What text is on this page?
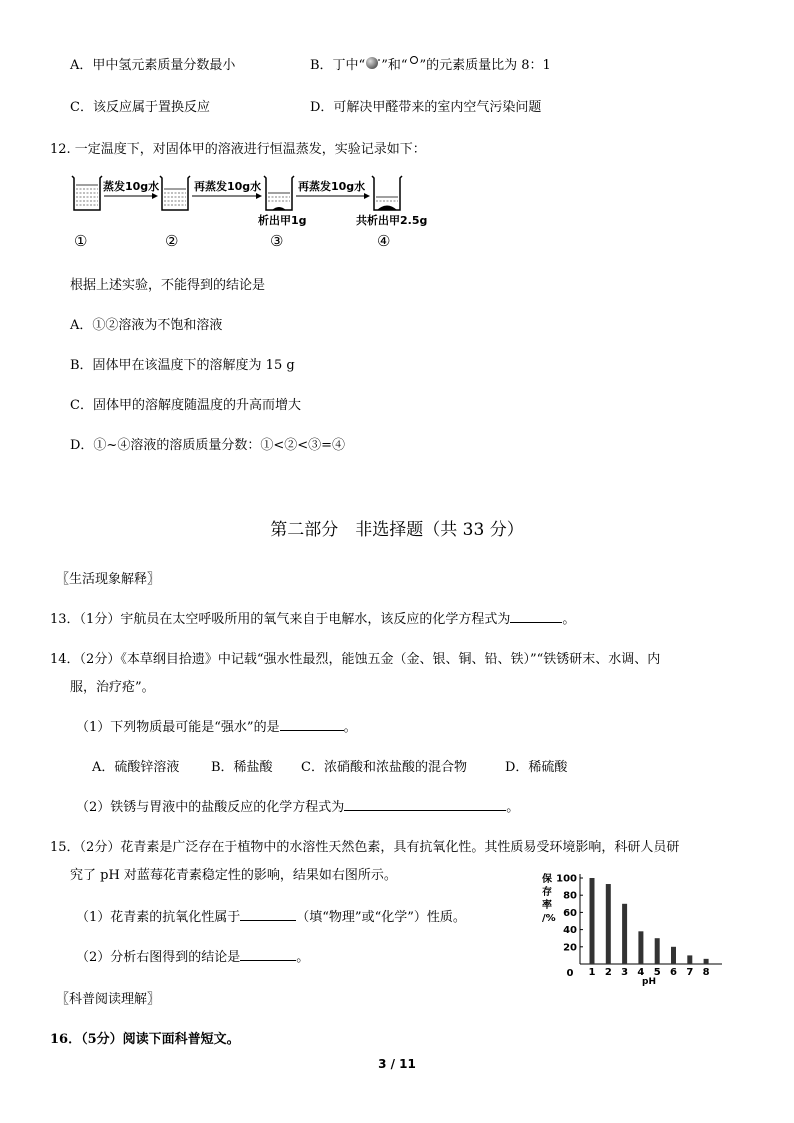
A．甲中氢元素质量分数最小	B．丁中“ ”和“ ”的元素质量比为 8：1
C．该反应属于置换反应	D．可解决甲醛带来的室内空气污染问题
12. 一定温度下，对固体甲的溶液进行恒温蒸发，实验记录如下：
蒸发10g水	再蒸发10g水	再蒸发10g水
析出甲1g	共析出甲2.5g
①	②	③	④
根据上述实验，不能得到的结论是
A．①②溶液为不饱和溶液
B．固体甲在该温度下的溶解度为 15 g
C．固体甲的溶解度随温度的升高而增大
D．①~④溶液的溶质质量分数：①<②<③=④
第二部分　非选择题（共 33 分）
〖生活现象解释〗
13．（1分）宇航员在太空呼吸所用的氧气来自于电解水，该反应的化学方程式为	。
14．（2分）《本草纲目拾遗》中记载“强水性最烈，能蚀五金（金、银、铜、铅、铁）”“铁锈研末、水调、内
服，治疗疮”。
（1）下列物质最可能是“强水”的是	。
A．硫酸锌溶液 B．稀盐酸 C．浓硝酸和浓盐酸的混合物	D．稀硫酸
（2）铁锈与胃液中的盐酸反应的化学方程式为	。
15．（2分）花青素是广泛存在于植物中的水溶性天然色素，具有抗氧化性。其性质易受环境影响，科研人员研
究了 pH 对蓝莓花青素稳定性的影响，结果如右图所示。
（1）花青素的抗氧化性属于	（填“物理”或“化学”）性质。
（2）分析右图得到的结论是	。
保
存
率
/%
20
40
60
80
100
0 1 2 3 4 5 6 7 8
pH
〖科普阅读理解〗
16．（5分）阅读下面科普短文。
3 / 11
